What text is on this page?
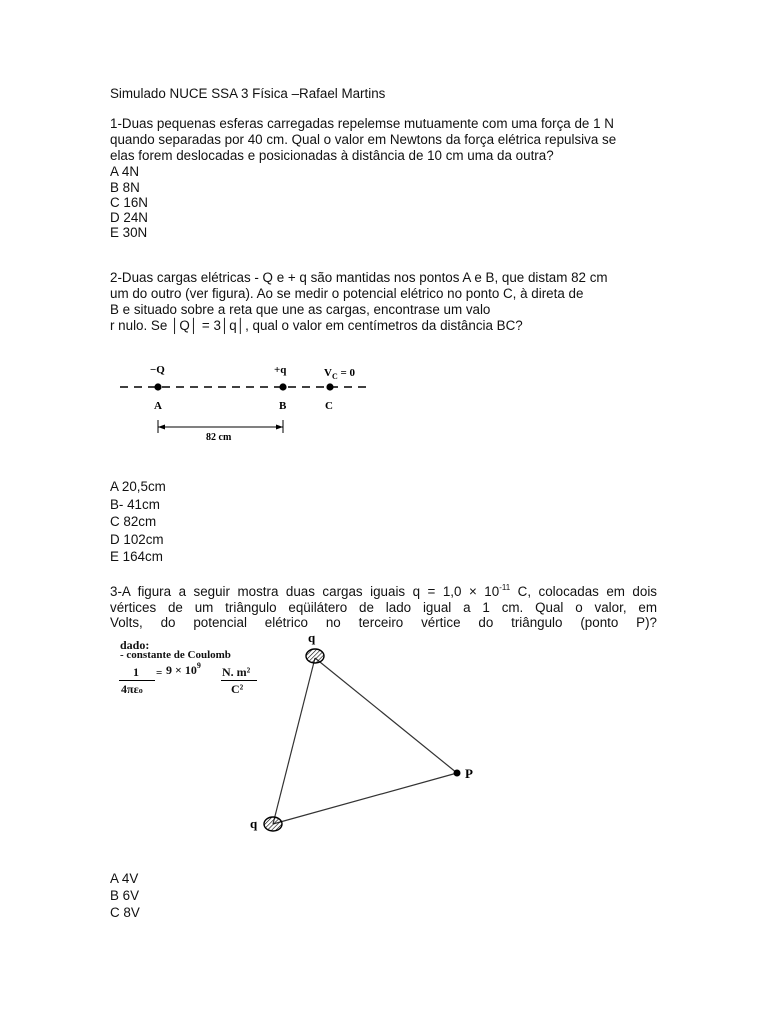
Simulado NUCE SSA 3 Física –Rafael Martins
1-Duas pequenas esferas carregadas repelemse mutuamente com uma força de 1 N
quando separadas por 40 cm. Qual o valor em Newtons da força elétrica repulsiva se
elas forem deslocadas e posicionadas à distância de 10 cm uma da outra?
A 4N
B 8N
C 16N
D 24N
E 30N
2-Duas cargas elétricas - Q e + q são mantidas nos pontos A e B, que distam 82 cm
um do outro (ver figura). Ao se medir o potencial elétrico no ponto C, à direta de
B e situado sobre a reta que une as cargas, encontrase um valo
r nulo. Se │Q│ = 3│q│, qual o valor em centímetros da distância BC?
−Q	+q	$V_C = 0$
A	B	C
82 cm
A 20,5cm
B- 41cm
C 82cm
D 102cm
E 164cm
3-A figura a seguir mostra duas cargas iguais $q = 1,0 \times 10^{-11}$ C, colocadas em dois
vértices de um triângulo eqüilátero de lado igual a 1 cm. Qual o valor, em
Volts, do potencial elétrico no terceiro vértice do triângulo (ponto P)?
dado:
- constante de Coulomb
1
4πεo
= $9 \times 10^9$ N. m²
C²
q
q
P
A 4V
B 6V
C 8V
